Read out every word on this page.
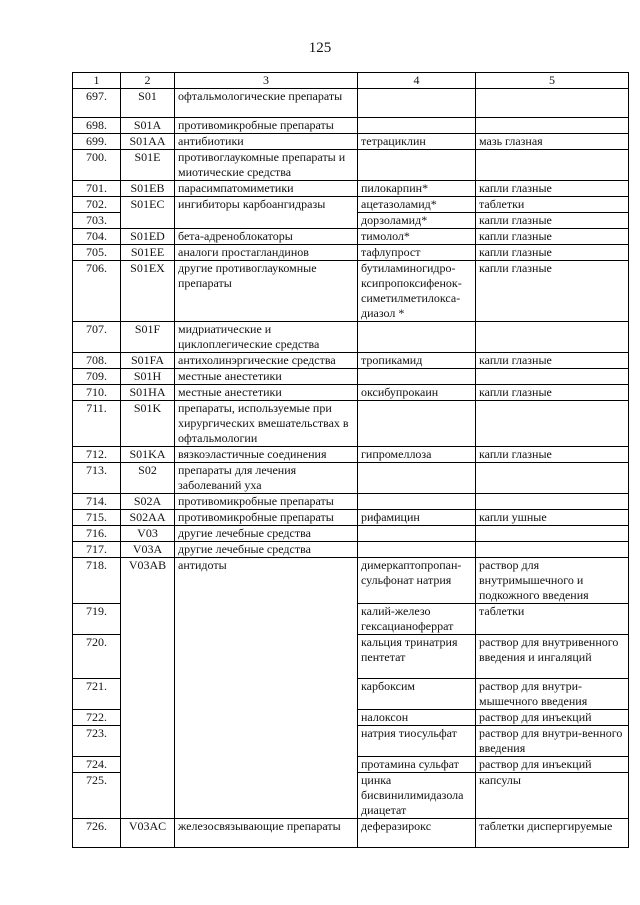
125
1	2	3	4	5
697.	S01	офтальмологические препараты		
698.	S01A	противомикробные препараты		
699.	S01AA	антибиотики	тетрациклин	мазь глазная
700.	S01E	противоглаукомные препараты и миотические средства		
701.	S01EB	парасимпатомиметики	пилокарпин*	капли глазные
702.	S01EC	ингибиторы карбоангидразы	ацетазоламид*	таблетки
703.			дорзоламид*	капли глазные
704.	S01ED	бета-адреноблокаторы	тимолол*	капли глазные
705.	S01EE	аналоги простагландинов	тафлупрост	капли глазные
706.	S01EX	другие противоглаукомные препараты	бутиламиногидро-ксипропоксифенок-симетилметилокса-диазол *	капли глазные
707.	S01F	мидриатические и циклоплегические средства		
708.	S01FA	антихолинэргические средства	тропикамид	капли глазные
709.	S01H	местные анестетики		
710.	S01HA	местные анестетики	оксибупрокаин	капли глазные
711.	S01K	препараты, используемые при хирургических вмешательствах в офтальмологии		
712.	S01KA	вязкоэластичные соединения	гипромеллоза	капли глазные
713.	S02	препараты для лечения заболеваний уха		
714.	S02A	противомикробные препараты		
715.	S02AA	противомикробные препараты	рифамицин	капли ушные
716.	V03	другие лечебные средства		
717.	V03A	другие лечебные средства		
718.	V03AB	антидоты	димеркаптопропан-сульфонат натрия	раствор для внутримышечного и подкожного введения
719.			калий-железо гексацианоферрат	таблетки
720.			кальция тринатрия пентетат	раствор для внутривенного введения и ингаляций
721.			карбоксим	раствор для внутри-мышечного введения
722.			налоксон	раствор для инъекций
723.			натрия тиосульфат	раствор для внутри-венного введения
724.			протамина сульфат	раствор для инъекций
725.			цинка бисвинилимидазола диацетат	капсулы
726.	V03AC	железосвязывающие препараты	деферазирокс	таблетки диспергируемые
